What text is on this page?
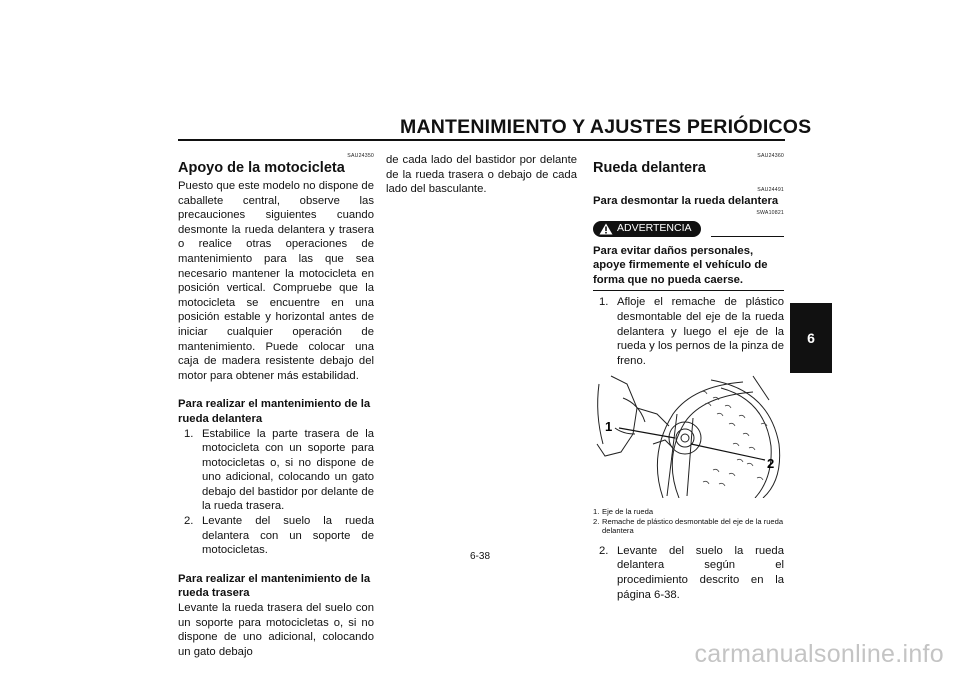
MANTENIMIENTO Y AJUSTES PERIÓDICOS
6
SAU24350
Apoyo de la motocicleta

Puesto que este modelo no dispone de caballete central, observe las precauciones siguientes cuando desmonte la rueda delantera y trasera o realice otras operaciones de mantenimiento para las que sea necesario mantener la motocicleta en posición vertical. Compruebe que la motocicleta se encuentre en una posición estable y horizontal antes de iniciar cualquier operación de mantenimiento. Puede colocar una caja de madera resistente debajo del motor para obtener más estabilidad.

Para realizar el mantenimiento de la rueda delantera
1. Estabilice la parte trasera de la motocicleta con un soporte para motocicletas o, si no dispone de uno adicional, colocando un gato debajo del bastidor por delante de la rueda trasera.
2. Levante del suelo la rueda delantera con un soporte de motocicletas.
Para realizar el mantenimiento de la rueda trasera

Levante la rueda trasera del suelo con un soporte para motocicletas o, si no dispone de uno adicional, colocando un gato debajo

de cada lado del bastidor por delante de la rueda trasera o debajo de cada lado del basculante.

SAU24360
Rueda delantera
SAU24491
Para desmontar la rueda delantera
SWA10821
ADVERTENCIA
Para evitar daños personales, apoye firmemente el vehículo de forma que no pueda caerse.
1. Afloje el remache de plástico desmontable del eje de la rueda delantera y luego el eje de la rueda y los pernos de la pinza de freno.
1
2
1. Eje de la rueda
2. Remache de plástico desmontable del eje de la rueda delantera
2. Levante del suelo la rueda delantera según el procedimiento descrito en la página 6-38.
6-38
carmanualsonline.info
